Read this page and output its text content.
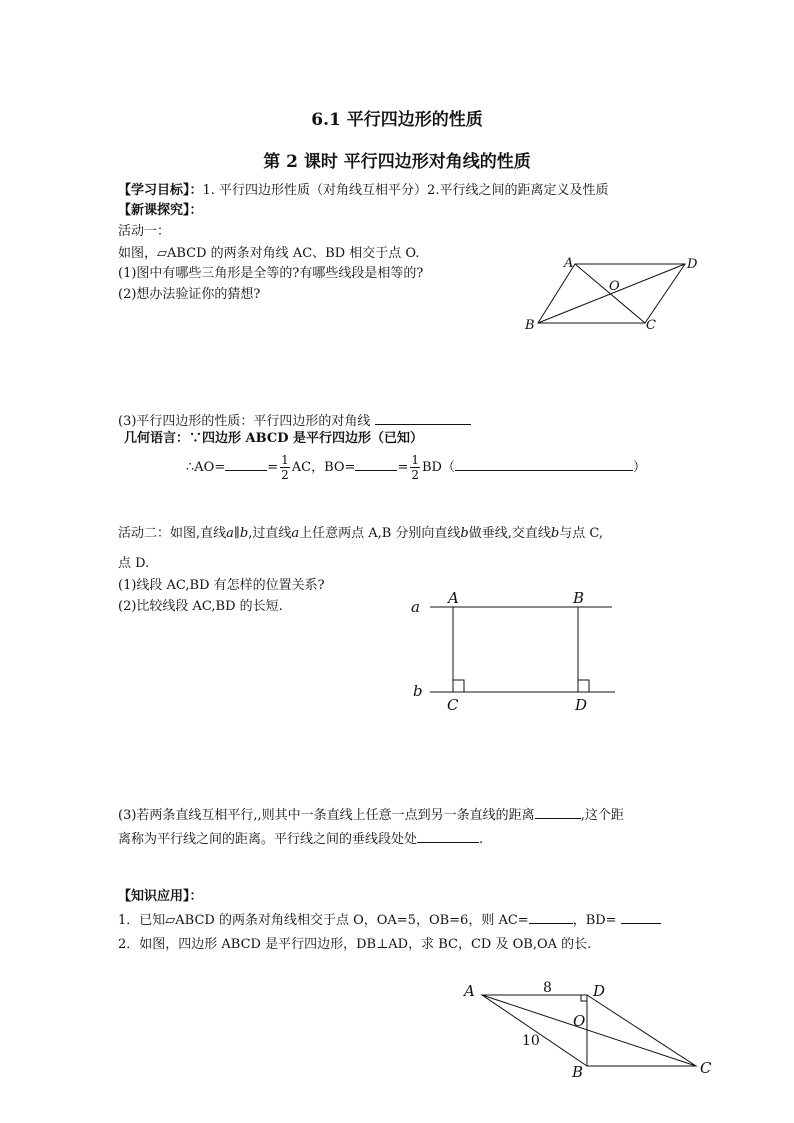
6.1 平行四边形的性质
第 2 课时 平行四边形对角线的性质
【学习目标】：1. 平行四边形性质（对角线互相平分）2.平行线之间的距离定义及性质
【新课探究】：
活动一：
如图，▱ABCD 的两条对角线 AC、BD 相交于点 O.
(1)图中有哪些三角形是全等的?有哪些线段是相等的?
(2)想办法验证你的猜想?
A	D
O
B	C
(3)平行四边形的性质：平行四边形的对角线
几何语言：∵四边形 ABCD 是平行四边形（已知）
∴AO=	= $\frac{1}{2}$ AC，BO=	= $\frac{1}{2} BD$（	）
活动二：如图,直线𝑎∥𝑏,过直线𝑎上任意两点 A,B 分别向直线𝑏做垂线,交直线𝑏与点 C,
点 D.
(1)线段 AC,BD 有怎样的位置关系?
(2)比较线段 AC,BD 的长短.	a
b
A	B
C	D
(3)若两条直线互相平行,,则其中一条直线上任意一点到另一条直线的距离	,这个距
离称为平行线之间的距离。平行线之间的垂线段处处	.
【知识应用】：
1．已知▱ABCD 的两条对角线相交于点 O，OA=5，OB=6，则 AC=	，BD=
2．如图，四边形 ABCD 是平行四边形，DB⊥AD，求 BC，CD 及 OB,OA 的长.
A	D
O
B	C
8
10
